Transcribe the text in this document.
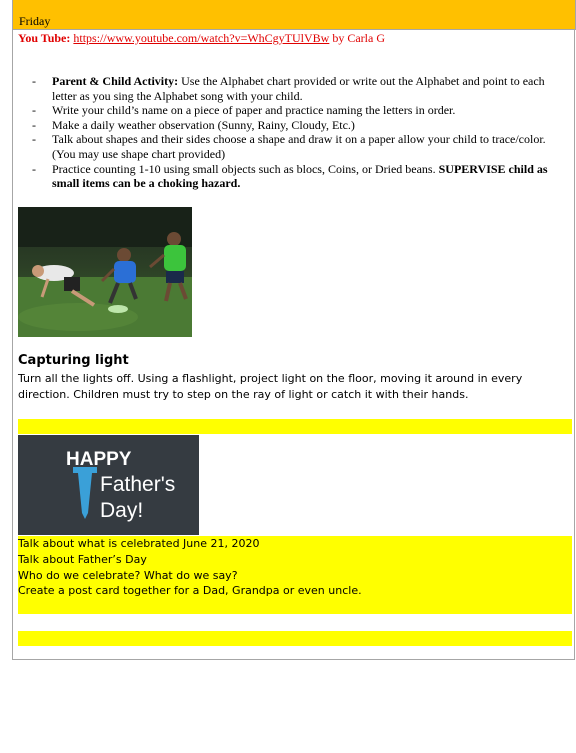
Friday
You Tube: https://www.youtube.com/watch?v=WhCgyTUlVBw by Carla G
- Parent & Child Activity: Use the Alphabet chart provided or write out the Alphabet and point to each letter as you sing the Alphabet song with your child.
- Write your child’s name on a piece of paper and practice naming the letters in order.
- Make a daily weather observation (Sunny, Rainy, Cloudy, Etc.)
- Talk about shapes and their sides choose a shape and draw it on a paper allow your child to trace/color. (You may use shape chart provided)
- Practice counting 1-10 using small objects such as blocs, Coins, or Dried beans. SUPERVISE child as small items can be a choking hazard.
Capturing light
Turn all the lights off. Using a flashlight, project light on the floor, moving it around in every direction. Children must try to step on the ray of light or catch it with their hands.
HAPPY
Father's
Day!
Talk about what is celebrated June 21, 2020
Talk about Father’s Day
Who do we celebrate? What do we say?
Create a post card together for a Dad, Grandpa or even uncle.
